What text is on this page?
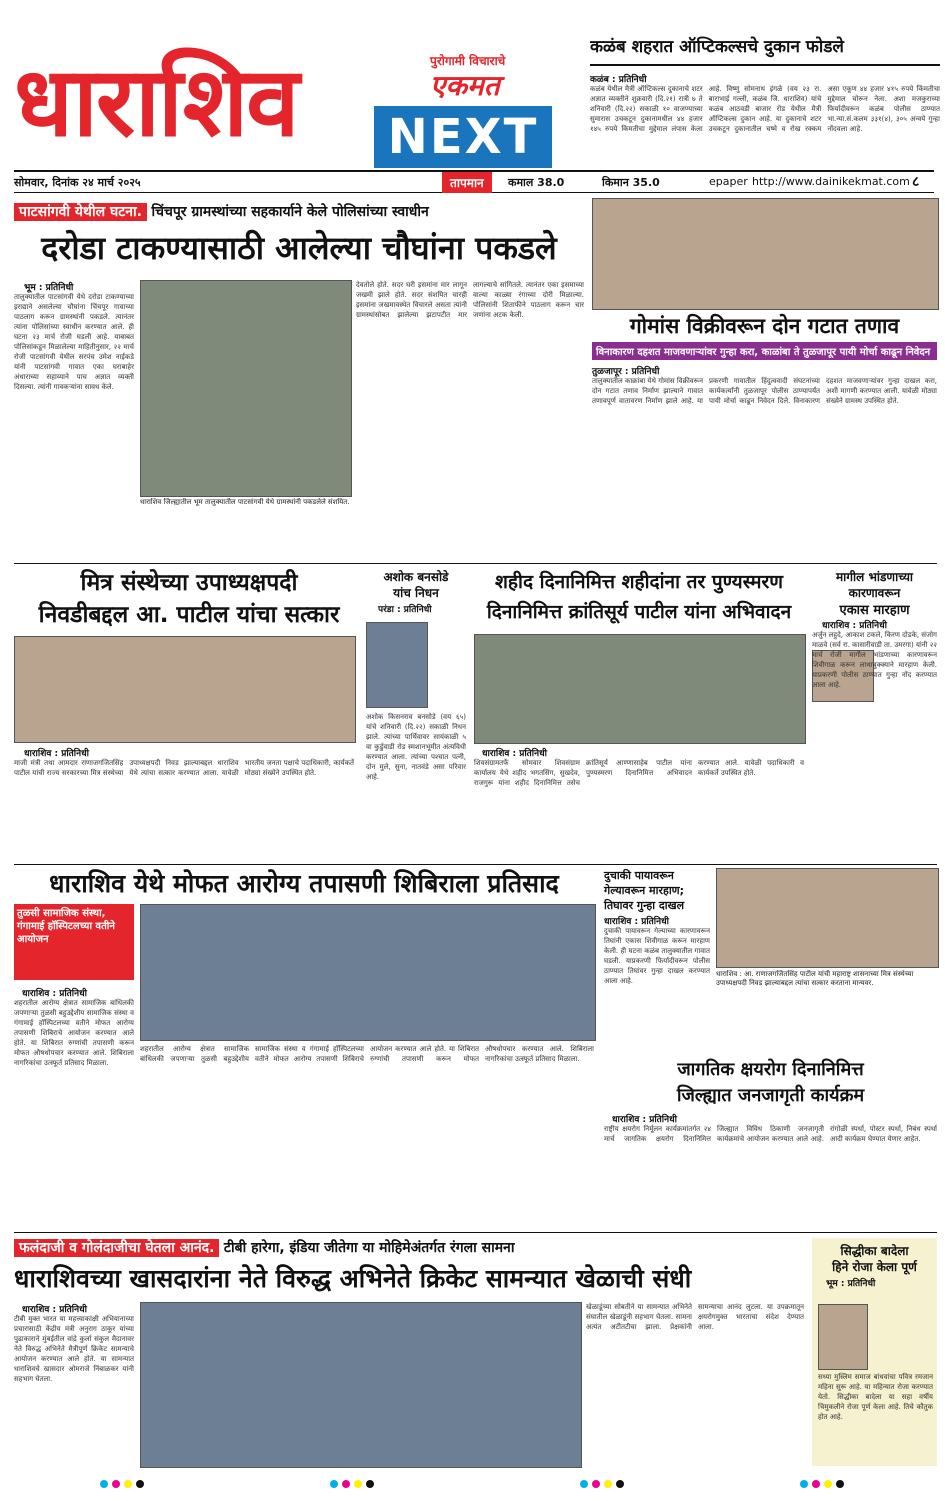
धाराशिव	पुरोगामी विचाराचे
एकमत
NEXT
कळंब शहरात ऑप्टिकल्सचे दुकान फोडले
कळंब : प्रतिनिधी
कळंब येथील मैत्री ऑप्टिकल्स दुकानाचे शटर अज्ञात व्यक्तीने शुक्रवारी (दि.२१) रात्री ७ ते शनिवारी (दि.२२) सकाळी १० वाजण्याच्या सुमारास उचकटून दुकानामधील ४४ हजार १४५ रुपये किमतीचा मुद्देमाल लंपास केला आहे. विष्णु सोमनाथ इंगळे (वय २३ रा. बाराभाई गल्ली, कळंब जि. धाराशिव) यांचे कळंब आठवडी बाजार रोड येथील मैत्री ऑप्टिकल्स दुकान आहे. या दुकानाचे शटर उचकटून दुकानातील चष्मे व रोख रक्कम असा एकूण ४४ हजार ४१५ रुपये किंमतीचा मुद्देमाल चोरून नेला. अशा मजकुराच्या फिर्यादीवरून कळंब पोलीस ठाण्यात भा.न्या.सं.कलम ३३१(४), ३०५ अन्वये गुन्हा नोंदवला आहे.
सोमवार, दिनांक २४ मार्च २०२५	तापमान	कमाल 38.0	किमान 35.0	epaper http://www.dainikekmat.com ८
पाटसांगवी येथील घटना. चिंचपूर ग्रामस्थांच्या सहकार्याने केले पोलिसांच्या स्वाधीन
दरोडा टाकण्यासाठी आलेल्या चौघांना पकडले
भूम : प्रतिनिधी
तालुक्यातील पाटसांगवी येथे दरोडा टाकण्याच्या इराद्याने असलेल्या चौघांना चिंचपूर गावाच्या पाठलाग करून ग्रामस्थांनी पकडले. त्यानंतर त्यांना पोलिसांच्या स्वाधीन करण्यात आले. ही घटना २३ मार्च रोजी घडली आहे. याबाबत पोलिसांकडून मिळालेल्या माहितीनुसार, २२ मार्च रोजी पाटसांगवी येथील सरपंच उमेश नाईकडे यांनी पाटसांगवी गावात एका घराबाहेर अंधाराच्या सहाय्याने पाच अज्ञात व्यक्ती दिसल्या. त्यांनी गावकऱ्यांना सावध केले.
देवतोले होते. सदर घरी इसमांना मार लागून जखमी झाले होते. सदर संशयित चारही इसमांना जखमावस्थेत विचारले असता त्यांनी ग्रामस्थांसोबत झालेल्या झटापटीत मार लागल्याचे सांगितले. त्यानंतर एका इसमाच्या वाल्या काळ्या रंगाच्या दोरी मिळाल्या. पोलिसांनी शिताफीने पाठलाग करून चार जणांना अटक केली.
धाराशिव जिल्ह्यातील भूम तालुक्यातील पाटसांगवी येथे ग्रामस्थांनी पकडलेले संशयित.
गोमांस विक्रीवरून दोन गटात तणाव
विनाकारण दहशत माजवणाऱ्यांवर गुन्हा करा, काळांबा ते तुळजापूर पायी मोर्चा काढून निवेदन
तुळजापूर : प्रतिनिधी
तालुक्यातील काक्रांबा येथे गोमांस विक्रीवरून दोन गटात तणाव निर्माण झाल्याने गावात तणावपूर्ण वातावरण निर्माण झाले आहे. या प्रकरणी गावातील हिंदुत्ववादी संघटनांच्या कार्यकर्त्यांनी तुळजापूर पोलीस ठाण्यापर्यंत पायी मोर्चा काढून निवेदन दिले. विनाकारण दहशत माजवणाऱ्यांवर गुन्हा दाखल करा, अशी मागणी करण्यात आली. यावेळी मोठ्या संख्येने ग्रामस्थ उपस्थित होते.
मित्र संस्थेच्या उपाध्यक्षपदी
निवडीबद्दल आ. पाटील यांचा सत्कार
धाराशिव : प्रतिनिधी
माजी मंत्री तथा आमदार राणाजगजितसिंह पाटील यांची राज्य सरकारच्या मित्र संस्थेच्या उपाध्यक्षपदी निवड झाल्याबद्दल धाराशिव येथे त्यांचा सत्कार करण्यात आला. यावेळी भारतीय जनता पक्षाचे पदाधिकारी, कार्यकर्ते मोठ्या संख्येने उपस्थित होते.
अशोक बनसोडे
यांच निधन
परंडा : प्रतिनिधी
अशोक किसनराव बनसोडे (वय ६५) यांचे शनिवारी (दि.२२) सकाळी निधन झाले. त्यांच्या पार्थिवावर सायंकाळी ५ वा कुर्डुवाडी रोड स्मशानभूमीत अंत्यविधी करण्यात आला. त्यांच्या पश्चात पत्नी, दोन मुले, सुना, नातवंडे असा परिवार आहे.
शहीद दिनानिमित्त शहीदांना तर पुण्यस्मरण
दिनानिमित्त क्रांतिसूर्य पाटील यांना अभिवादन
धाराशिव : प्रतिनिधी
शिवसंग्रामतर्फे सोमवार शिवसंग्राम कार्यालय येथे शहीद भगतसिंग, सुखदेव, राजगुरू यांना शहीद दिनानिमित्त तसेच क्रांतिसूर्य आण्णासाहेब पाटील यांना पुण्यस्मरण दिनानिमित्त अभिवादन करण्यात आले. यावेळी पदाधिकारी व कार्यकर्ते उपस्थित होते.
मागील भांडणाच्या
कारणावरून
एकास मारहाण
धाराशिव : प्रतिनिधी
अर्जुन लहुदे, आकाश टकले, किरण दोडके, संजोग माळवे (सर्व रा. कासारीवाडी ता. उमरगा) यांनी २२ मार्च रोजी मागील भांडणाच्या कारणावरून शिवीगाळ करून लाथाबुक्क्याने मारहाण केली. याप्रकरणी पोलीस ठाण्यात गुन्हा नोंद करण्यात आला आहे.
धाराशिव येथे मोफत आरोग्य तपासणी शिबिराला प्रतिसाद
तुळसी सामाजिक संस्था, गंगामाई हॉस्पिटलच्या वतीने आयोजन
धाराशिव : प्रतिनिधी
शहरातील आरोग्य क्षेत्रात सामाजिक बांधिलकी जपणाऱ्या तुळसी बहुउद्देशीय सामाजिक संस्था व गंगामाई हॉस्पिटलच्या वतीने मोफत आरोग्य तपासणी शिबिराचे आयोजन करण्यात आले होते. या शिबिरात रुग्णांची तपासणी करून मोफत औषधोपचार करण्यात आले. शिबिराला नागरिकांचा उत्स्फूर्त प्रतिसाद मिळाला.
शहरातील आरोग्य क्षेत्रात सामाजिक बांधिलकी जपणाऱ्या तुळसी बहुउद्देशीय सामाजिक संस्था व गंगामाई हॉस्पिटलच्या वतीने मोफत आरोग्य तपासणी शिबिराचे आयोजन करण्यात आले होते. या शिबिरात रुग्णांची तपासणी करून मोफत औषधोपचार करण्यात आले. शिबिराला नागरिकांचा उत्स्फूर्त प्रतिसाद मिळाला.
दुचाकी पायावरून
गेल्यावरून मारहाण;
तिघावर गुन्हा दाखल
धाराशिव : प्रतिनिधी
दुचाकी पायावरून गेल्याच्या कारणावरून तिघांनी एकास शिवीगाळ करून मारहाण केली. ही घटना कळंब तालुक्यातील गावात घडली. याप्रकरणी फिर्यादीवरून पोलीस ठाण्यात तिघांवर गुन्हा दाखल करण्यात आला आहे.
धाराशिव : आ. राणाजगजितसिंह पाटील यांची महाराष्ट्र शासनाच्या मित्र संस्थेच्या उपाध्यक्षपदी निवड झाल्याबद्दल त्यांचा सत्कार करताना मान्यवर.
जागतिक क्षयरोग दिनानिमित्त
जिल्ह्यात जनजागृती कार्यक्रम
धाराशिव : प्रतिनिधी
राष्ट्रीय क्षयरोग निर्मूलन कार्यक्रमांतर्गत २४ मार्च जागतिक क्षयरोग दिनानिमित्त जिल्ह्यात विविध ठिकाणी जनजागृती कार्यक्रमांचे आयोजन करण्यात आले आहे. रांगोळी स्पर्धा, पोस्टर स्पर्धा, निबंध स्पर्धा आदी कार्यक्रम घेण्यात येणार आहेत.
फलंदाजी व गोलंदाजीचा घेतला आनंद. टीबी हारेगा, इंडिया जीतेगा या मोहिमेअंतर्गत रंगला सामना
धाराशिवच्या खासदारांना नेते विरुद्ध अभिनेते क्रिकेट सामन्यात खेळाची संधी
धाराशिव : प्रतिनिधी
टीबी मुक्त भारत या महत्त्वाकांक्षी अभियानाच्या प्रचारासाठी केंद्रीय मंत्री अनुराग ठाकूर यांच्या पुढाकाराने मुंबईतील वांद्रे कुर्ला संकुल मैदानावर नेते विरुद्ध अभिनेते मैत्रीपूर्ण क्रिकेट सामन्याचे आयोजन करण्यात आले होते. या सामन्यात धाराशिवचे खासदार ओमराजे निंबाळकर यांनी सहभाग घेतला.
खेळाडूंच्या सोबतीने या सामन्यात अभिनेते संघातील खेळाडूंनी सहभाग घेतला. सामना अत्यंत अटीतटीचा झाला. प्रेक्षकांनी सामन्याचा आनंद लुटला. या उपक्रमातून क्षयरोगमुक्त भारताचा संदेश देण्यात आला.
सिद्धीका बादेला
हिने रोजा केला पूर्ण
भूम : प्रतिनिधी
सध्या मुस्लिम समाज बांधवांचा पवित्र रमजान महिना सुरू आहे. या महिन्यात रोजा करण्यात येतो. सिद्धीका बादेला या सहा वर्षीय चिमुकलीने रोजा पूर्ण केला आहे. तिचे कौतुक होत आहे.
